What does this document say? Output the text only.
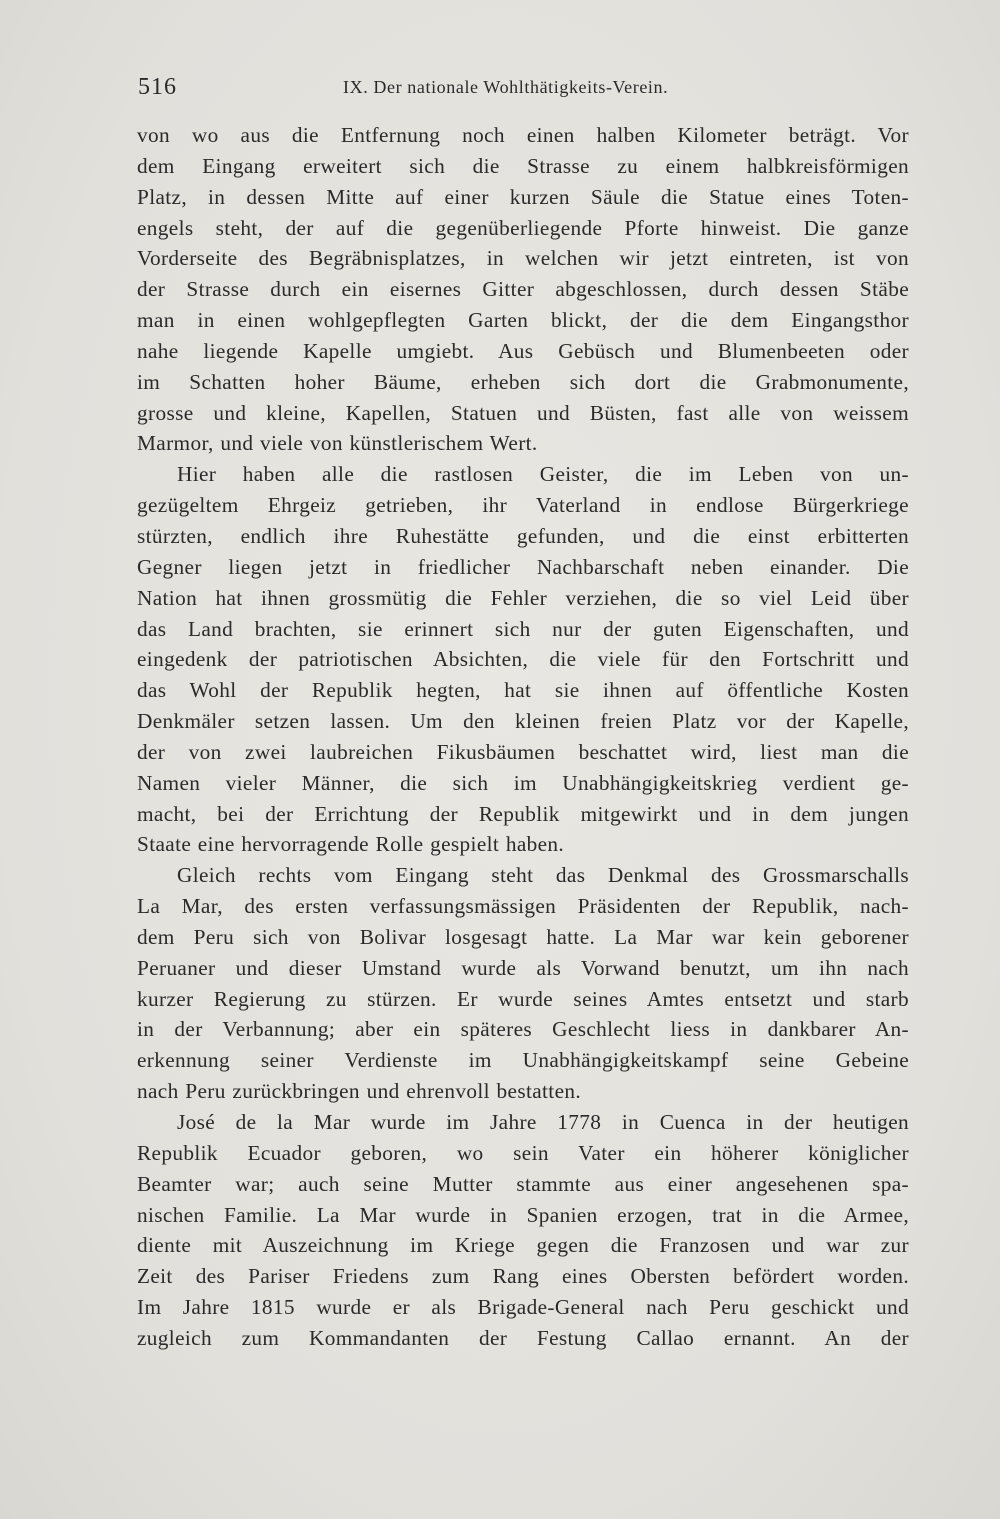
516	IX. Der nationale Wohlthätigkeits-Verein.
von wo aus die Entfernung noch einen halben Kilometer beträgt. Vor
dem Eingang erweitert sich die Strasse zu einem halbkreisförmigen
Platz, in dessen Mitte auf einer kurzen Säule die Statue eines Toten-
engels steht, der auf die gegenüberliegende Pforte hinweist. Die ganze
Vorderseite des Begräbnisplatzes, in welchen wir jetzt eintreten, ist von
der Strasse durch ein eisernes Gitter abgeschlossen, durch dessen Stäbe
man in einen wohlgepflegten Garten blickt, der die dem Eingangsthor
nahe liegende Kapelle umgiebt. Aus Gebüsch und Blumenbeeten oder
im Schatten hoher Bäume, erheben sich dort die Grabmonumente,
grosse und kleine, Kapellen, Statuen und Büsten, fast alle von weissem
Marmor, und viele von künstlerischem Wert.
Hier haben alle die rastlosen Geister, die im Leben von un-
gezügeltem Ehrgeiz getrieben, ihr Vaterland in endlose Bürgerkriege
stürzten, endlich ihre Ruhestätte gefunden, und die einst erbitterten
Gegner liegen jetzt in friedlicher Nachbarschaft neben einander. Die
Nation hat ihnen grossmütig die Fehler verziehen, die so viel Leid über
das Land brachten, sie erinnert sich nur der guten Eigenschaften, und
eingedenk der patriotischen Absichten, die viele für den Fortschritt und
das Wohl der Republik hegten, hat sie ihnen auf öffentliche Kosten
Denkmäler setzen lassen. Um den kleinen freien Platz vor der Kapelle,
der von zwei laubreichen Fikusbäumen beschattet wird, liest man die
Namen vieler Männer, die sich im Unabhängigkeitskrieg verdient ge-
macht, bei der Errichtung der Republik mitgewirkt und in dem jungen
Staate eine hervorragende Rolle gespielt haben.
Gleich rechts vom Eingang steht das Denkmal des Grossmarschalls
La Mar, des ersten verfassungsmässigen Präsidenten der Republik, nach-
dem Peru sich von Bolivar losgesagt hatte. La Mar war kein geborener
Peruaner und dieser Umstand wurde als Vorwand benutzt, um ihn nach
kurzer Regierung zu stürzen. Er wurde seines Amtes entsetzt und starb
in der Verbannung; aber ein späteres Geschlecht liess in dankbarer An-
erkennung seiner Verdienste im Unabhängigkeitskampf seine Gebeine
nach Peru zurückbringen und ehrenvoll bestatten.
José de la Mar wurde im Jahre 1778 in Cuenca in der heutigen
Republik Ecuador geboren, wo sein Vater ein höherer königlicher
Beamter war; auch seine Mutter stammte aus einer angesehenen spa-
nischen Familie. La Mar wurde in Spanien erzogen, trat in die Armee,
diente mit Auszeichnung im Kriege gegen die Franzosen und war zur
Zeit des Pariser Friedens zum Rang eines Obersten befördert worden.
Im Jahre 1815 wurde er als Brigade-General nach Peru geschickt und
zugleich zum Kommandanten der Festung Callao ernannt. An der
